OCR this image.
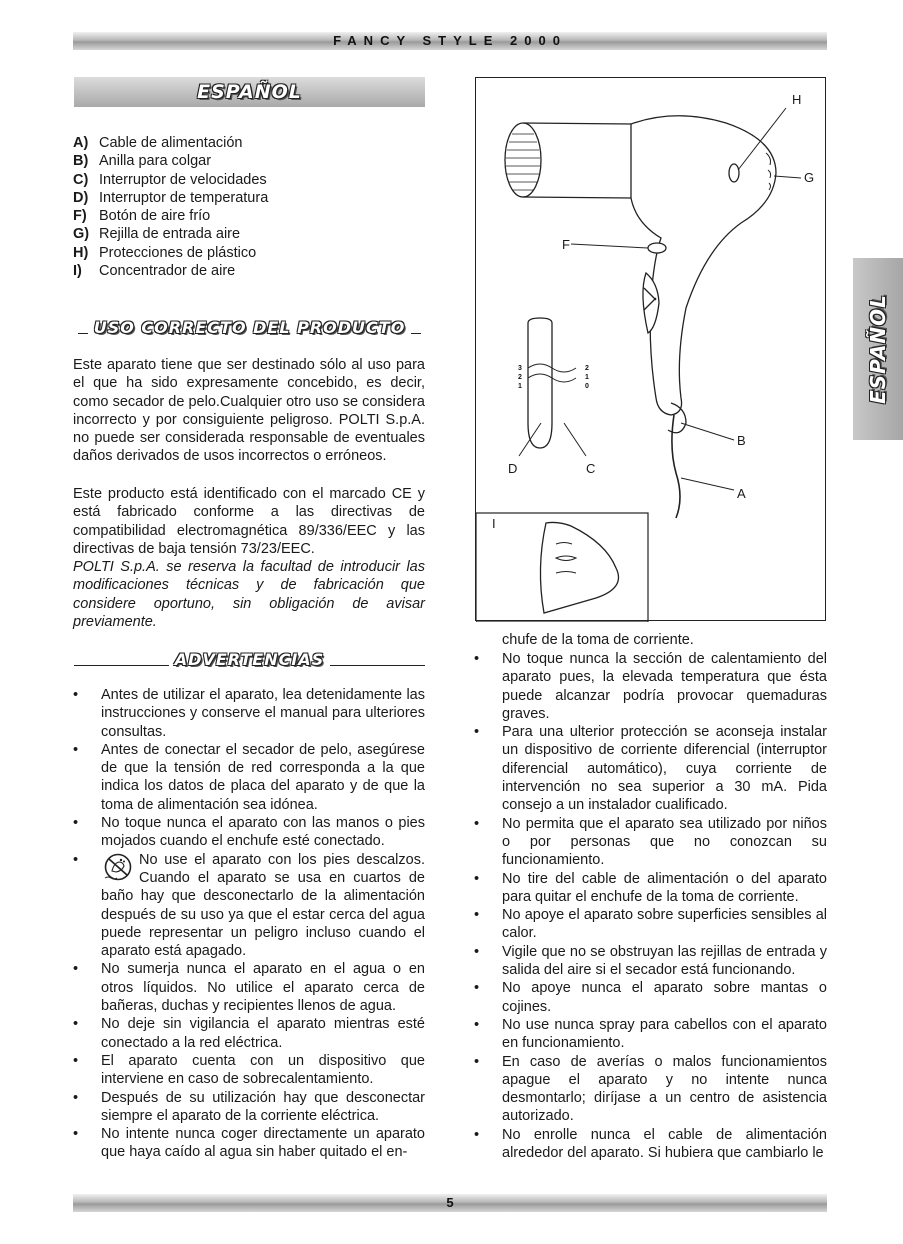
FANCY STYLE 2000
5
ESPAÑOL
A) Cable de alimentación
B) Anilla para colgar
C) Interruptor de velocidades
D) Interruptor de temperatura
F) Botón de aire frío
G) Rejilla de entrada aire
H) Protecciones de plástico
I) Concentrador de aire
USO CORRECTO DEL PRODUCTO

Este aparato tiene que ser destinado sólo al uso para el que ha sido expresamente concebido, es decir, como secador de pelo.Cualquier otro uso se considera incorrecto y por consiguiente peligroso. POLTI S.p.A. no puede ser considerada responsable de eventuales daños derivados de usos incorrectos o erróneos.

Este producto está identificado con el marcado CE y está fabricado conforme a las directivas de compatibilidad electromagnética 89/336/EEC y las directivas de baja tensión 73/23/EEC.

POLTI S.p.A. se reserva la facultad de introducir las modificaciones técnicas y de fabricación que considere oportuno, sin obligación de avisar previamente.

ADVERTENCIAS
• Antes de utilizar el aparato, lea detenidamente las instrucciones y conserve el manual para ulteriores consultas.
• Antes de conectar el secador de pelo, asegúrese de que la tensión de red corresponda a la que indica los datos de placa del aparato y de que la toma de alimentación sea idónea.
• No toque nunca el aparato con las manos o pies mojados cuando el enchufe esté conectado.
• No use el aparato con los pies descalzos. Cuando el aparato se usa en cuartos de baño hay que desconectarlo de la alimentación después de su uso ya que el estar cerca del agua puede representar un peligro incluso cuando el aparato está apagado.
• No sumerja nunca el aparato en el agua o en otros líquidos. No utilice el aparato cerca de bañeras, duchas y recipientes llenos de agua.
• No deje sin vigilancia el aparato mientras esté conectado a la red eléctrica.
• El aparato cuenta con un dispositivo que interviene en caso de sobrecalentamiento.
• Después de su utilización hay que desconectar siempre el aparato de la corriente eléctrica.
• No intente nunca coger directamente un aparato que haya caído al agua sin haber quitado el en-

chufe de la toma de corriente.

• No toque nunca la sección de calentamiento del aparato pues, la elevada temperatura que ésta puede alcanzar podría provocar quemaduras graves.
• Para una ulterior protección se aconseja instalar un dispositivo de corriente diferencial (interruptor diferencial automático), cuya corriente de intervención no sea superior a 30 mA. Pida consejo a un instalador cualificado.
• No permita que el aparato sea utilizado por niños o por personas que no conozcan su funcionamiento.
• No tire del cable de alimentación o del aparato para quitar el enchufe de la toma de corriente.
• No apoye el aparato sobre superficies sensibles al calor.
• Vigile que no se obstruyan las rejillas de entrada y salida del aire si el secador está funcionando.
• No apoye nunca el aparato sobre mantas o cojines.
• No use nunca spray para cabellos con el aparato en funcionamiento.
• En caso de averías o malos funcionamientos apague el aparato y no intente nunca desmontarlo; diríjase a un centro de asistencia autorizado.
• No enrolle nunca el cable de alimentación alrededor del aparato. Si hubiera que cambiarlo le
3
2
1
2
1
0
H
G
F
B
A
D	C
I
ESPAÑOL
